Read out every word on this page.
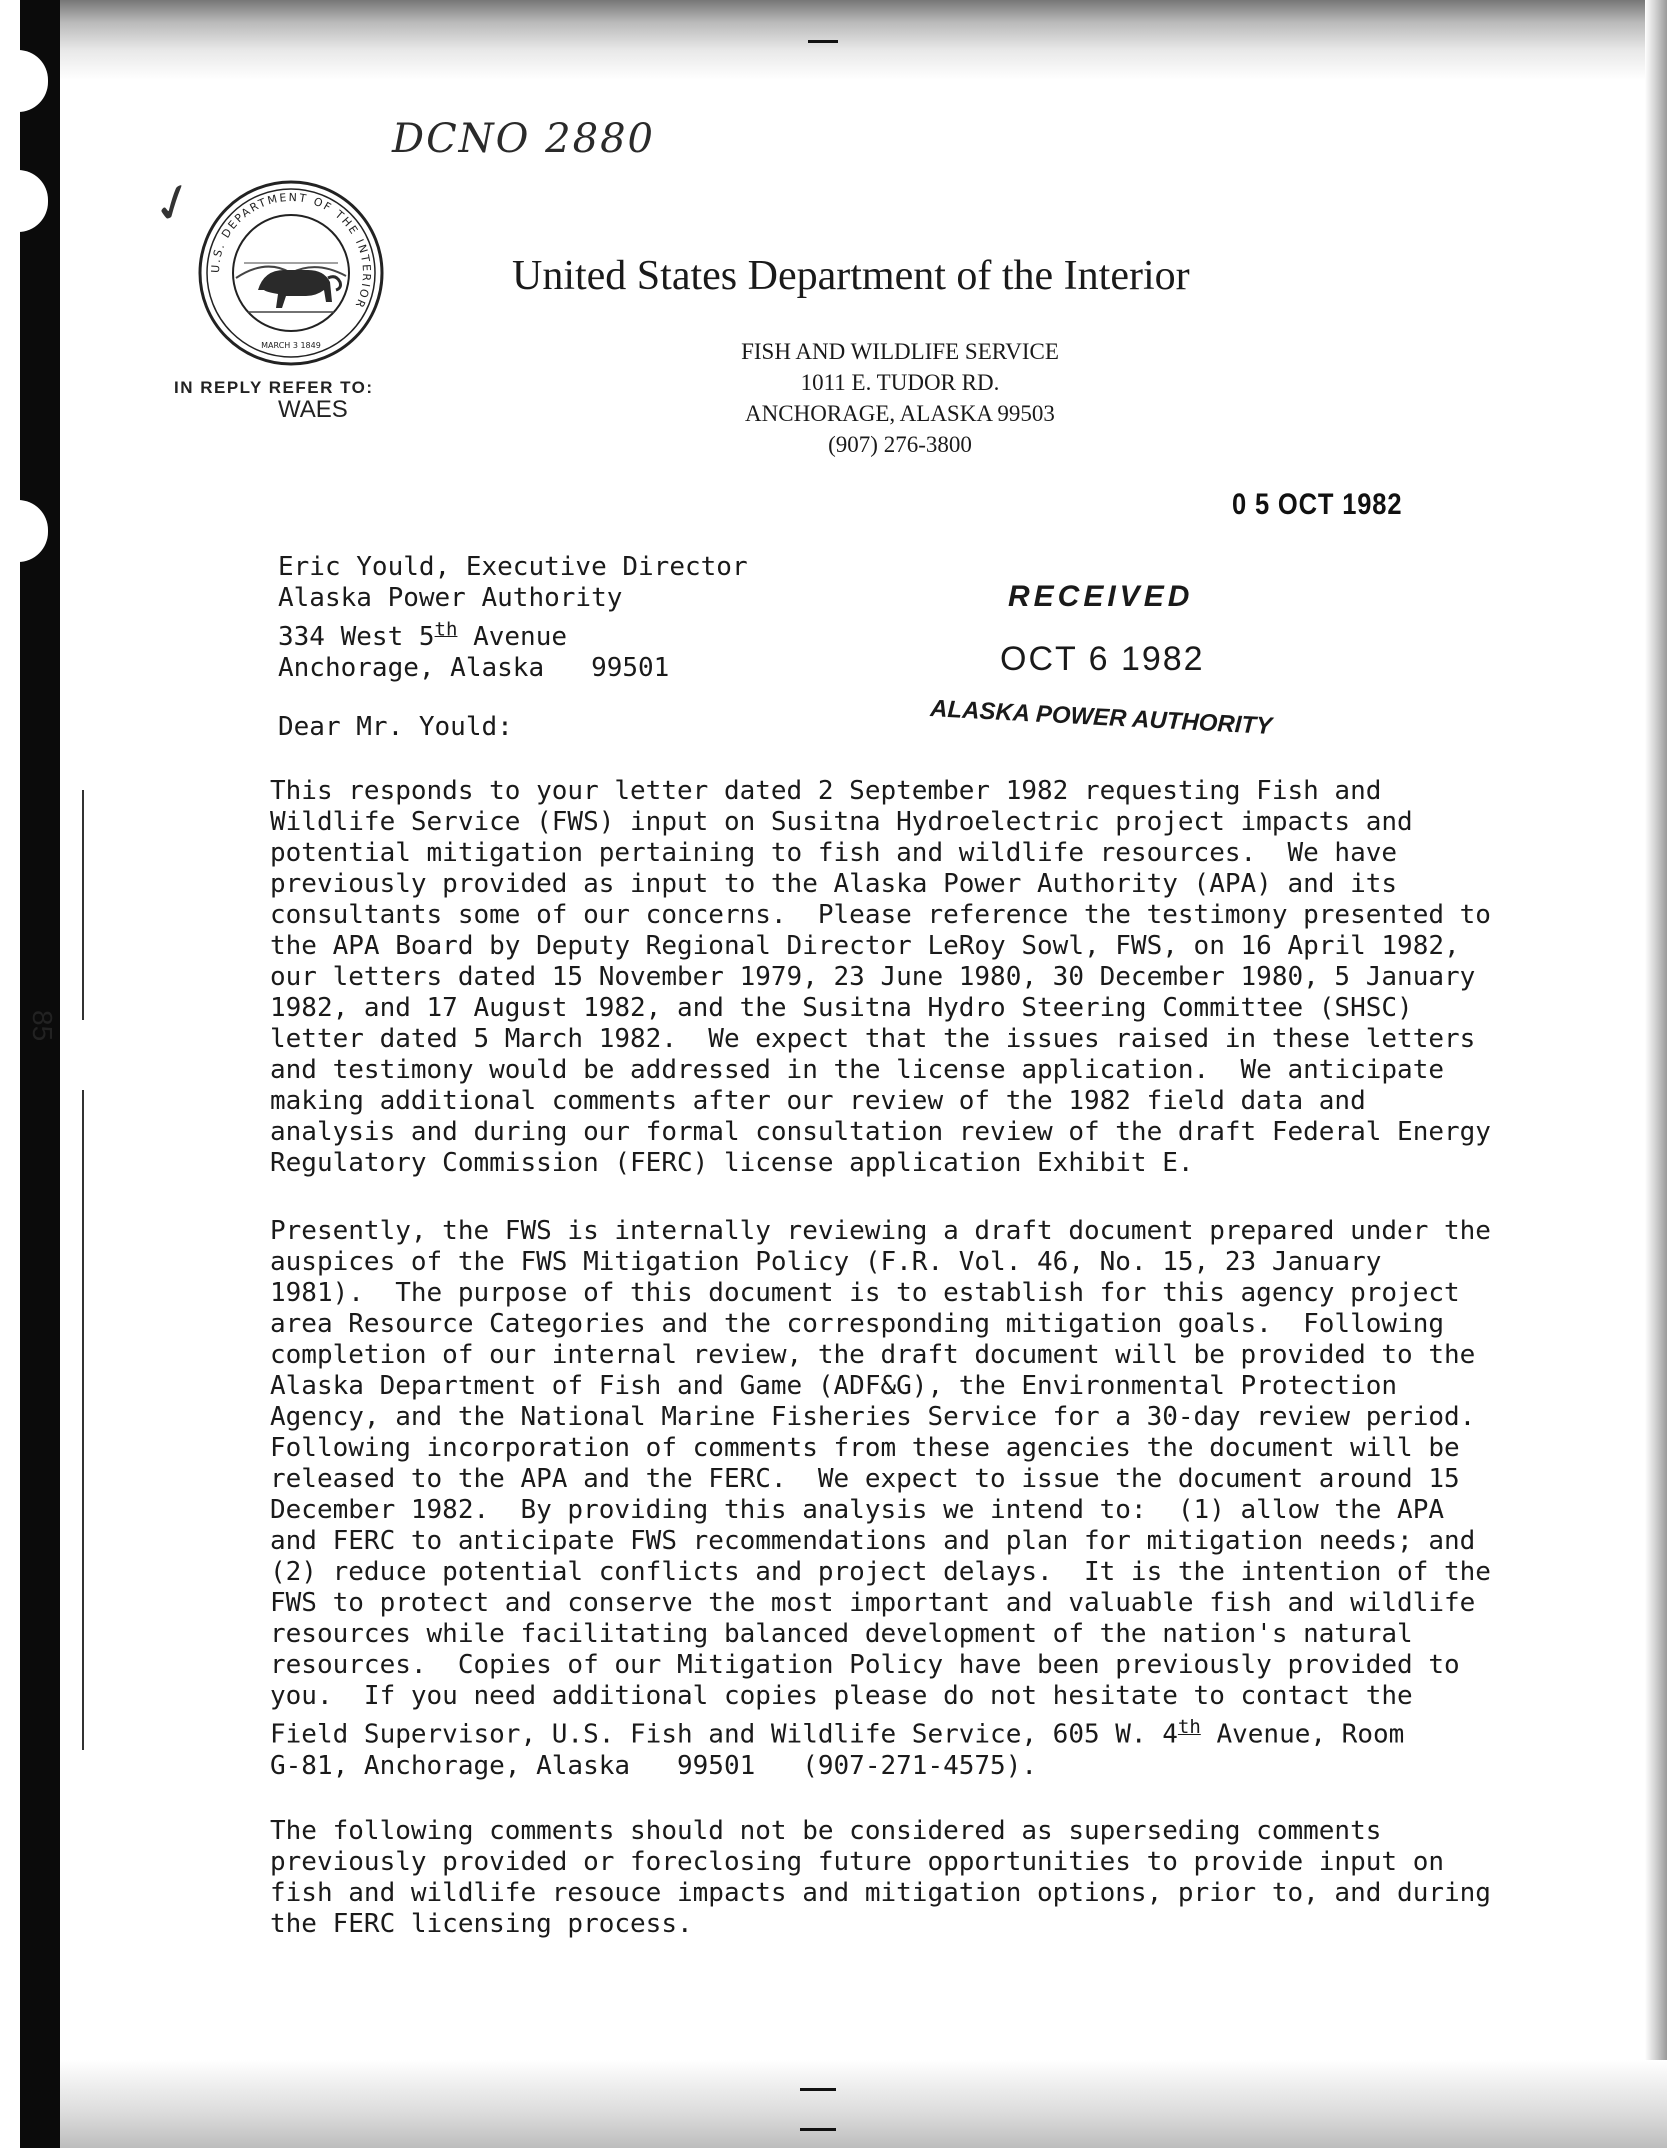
85
DCNO 2880
✓
U.S. DEPARTMENT OF THE INTERIOR
MARCH 3 1849
United States Department of the Interior
FISH AND WILDLIFE SERVICE
1011 E. TUDOR RD.
ANCHORAGE, ALASKA 99503
(907) 276-3800
IN REPLY REFER TO:
WAES
0 5 OCT 1982
Eric Yould, Executive Director
Alaska Power Authority
334 West 5th Avenue
Anchorage, Alaska   99501
RECEIVED
OCT 6 1982
ALASKA POWER AUTHORITY
Dear Mr. Yould:

This responds to your letter dated 2 September 1982 requesting Fish and
Wildlife Service (FWS) input on Susitna Hydroelectric project impacts and
potential mitigation pertaining to fish and wildlife resources.  We have
previously provided as input to the Alaska Power Authority (APA) and its
consultants some of our concerns.  Please reference the testimony presented to
the APA Board by Deputy Regional Director LeRoy Sowl, FWS, on 16 April 1982,
our letters dated 15 November 1979, 23 June 1980, 30 December 1980, 5 January
1982, and 17 August 1982, and the Susitna Hydro Steering Committee (SHSC)
letter dated 5 March 1982.  We expect that the issues raised in these letters
and testimony would be addressed in the license application.  We anticipate
making additional comments after our review of the 1982 field data and
analysis and during our formal consultation review of the draft Federal Energy
Regulatory Commission (FERC) license application Exhibit E.

Presently, the FWS is internally reviewing a draft document prepared under the
auspices of the FWS Mitigation Policy (F.R. Vol. 46, No. 15, 23 January
1981).  The purpose of this document is to establish for this agency project
area Resource Categories and the corresponding mitigation goals.  Following
completion of our internal review, the draft document will be provided to the
Alaska Department of Fish and Game (ADF&G), the Environmental Protection
Agency, and the National Marine Fisheries Service for a 30-day review period.
Following incorporation of comments from these agencies the document will be
released to the APA and the FERC.  We expect to issue the document around 15
December 1982.  By providing this analysis we intend to:  (1) allow the APA
and FERC to anticipate FWS recommendations and plan for mitigation needs; and
(2) reduce potential conflicts and project delays.  It is the intention of the
FWS to protect and conserve the most important and valuable fish and wildlife
resources while facilitating balanced development of the nation's natural
resources.  Copies of our Mitigation Policy have been previously provided to
you.  If you need additional copies please do not hesitate to contact the
Field Supervisor, U.S. Fish and Wildlife Service, 605 W. 4th Avenue, Room
G-81, Anchorage, Alaska   99501   (907-271-4575).

The following comments should not be considered as superseding comments
previously provided or foreclosing future opportunities to provide input on
fish and wildlife resouce impacts and mitigation options, prior to, and during
the FERC licensing process.
